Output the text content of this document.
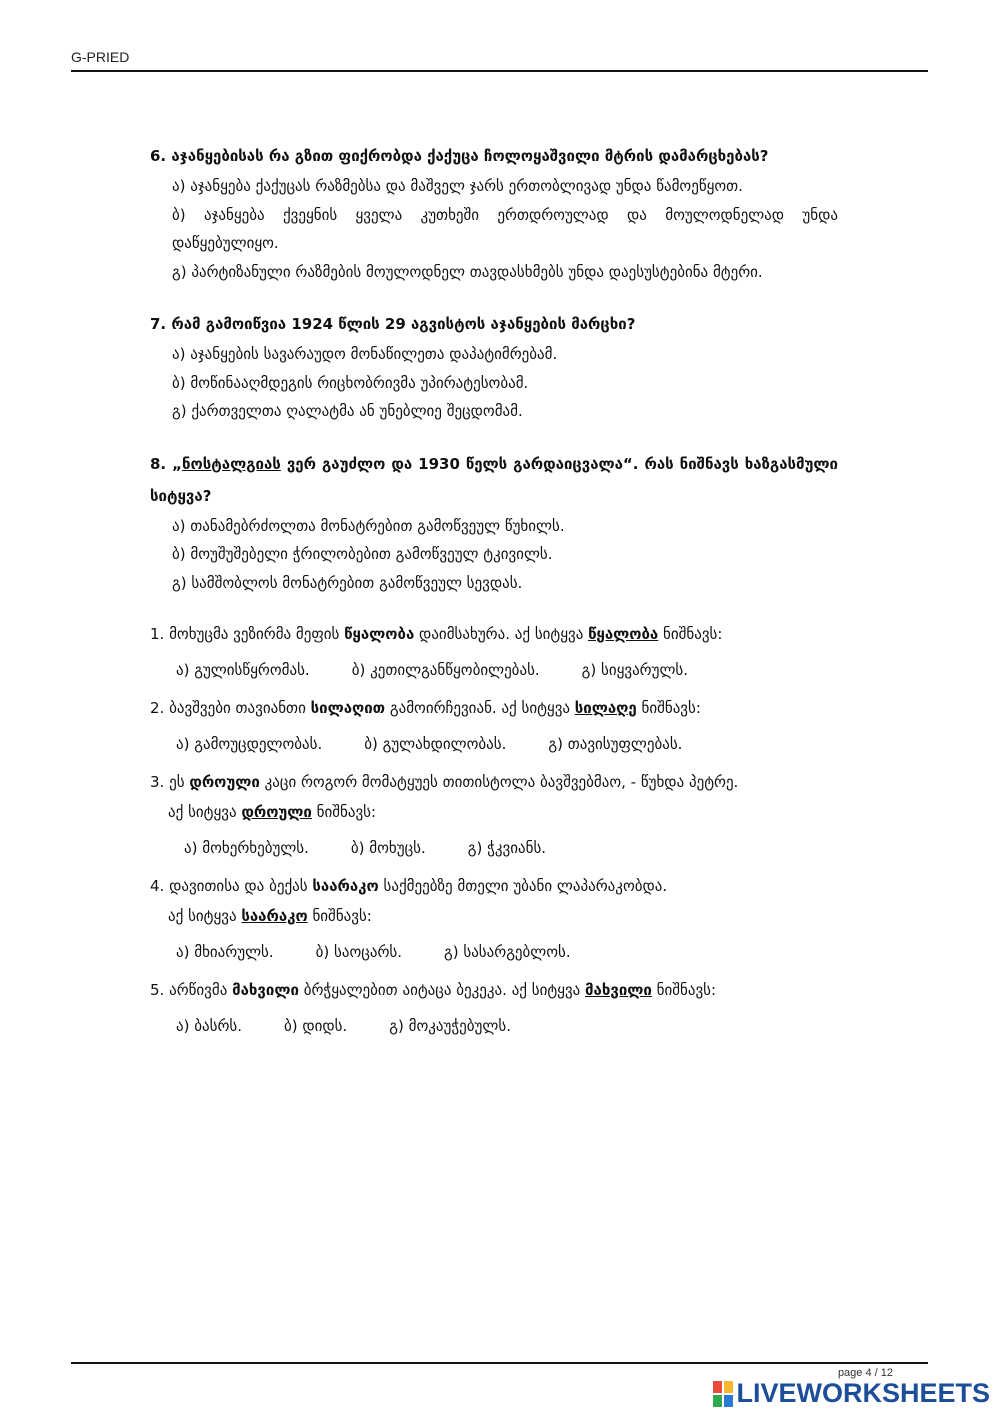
G-PRIED
6. აჯანყებისას რა გზით ფიქრობდა ქაქუცა ჩოლოყაშვილი მტრის დამარცხებას?
ა) აჯანყება ქაქუცას რაზმებსა და მაშველ ჯარს ერთობლივად უნდა წამოეწყოთ.
ბ) აჯანყება ქვეყნის ყველა კუთხეში ერთდროულად და მოულოდნელად უნდა დაწყებულიყო.
გ) პარტიზანული რაზმების მოულოდნელ თავდასხმებს უნდა დაესუსტებინა მტერი.
7. რამ გამოიწვია 1924 წლის 29 აგვისტოს აჯანყების მარცხი?
ა) აჯანყების სავარაუდო მონაწილეთა დაპატიმრებამ.
ბ) მოწინააღმდეგის რიცხობრივმა უპირატესობამ.
გ) ქართველთა ღალატმა ან უნებლიე შეცდომამ.
8. „ნოსტალგიას ვერ გაუძლო და 1930 წელს გარდაიცვალა“. რას ნიშნავს ხაზგასმული სიტყვა?
ა) თანამებრძოლთა მონატრებით გამოწვეულ წუხილს.
ბ) მოუშუშებელი ჭრილობებით გამოწვეულ ტკივილს.
გ) სამშობლოს მონატრებით გამოწვეულ სევდას.
1. მოხუცმა ვეზირმა მეფის წყალობა დაიმსახურა. აქ სიტყვა წყალობა ნიშნავს:
ა) გულისწყრომას.	ბ) კეთილგანწყობილებას.	გ) სიყვარულს.
2. ბავშვები თავიანთი სილაღით გამოირჩევიან. აქ სიტყვა სილაღე ნიშნავს:
ა) გამოუცდელობას.	ბ) გულახდილობას.	გ) თავისუფლებას.
3. ეს დროული კაცი როგორ მომატყუეს თითისტოლა ბავშვებმაო, - წუხდა პეტრე.
აქ სიტყვა დროული ნიშნავს:
ა) მოხერხებულს.	ბ) მოხუცს.	გ) ჭკვიანს.
4. დავითისა და ბექას საარაკო საქმეებზე მთელი უბანი ლაპარაკობდა.
აქ სიტყვა საარაკო ნიშნავს:
ა) მხიარულს.	ბ) საოცარს.	გ) სასარგებლოს.
5. არწივმა მახვილი ბრჭყალებით აიტაცა ბეკეკა. აქ სიტყვა მახვილი ნიშნავს:
ა) ბასრს.	ბ) დიდს.	გ) მოკაუჭებულს.
page 4 / 12
LIVEWORKSHEETS
